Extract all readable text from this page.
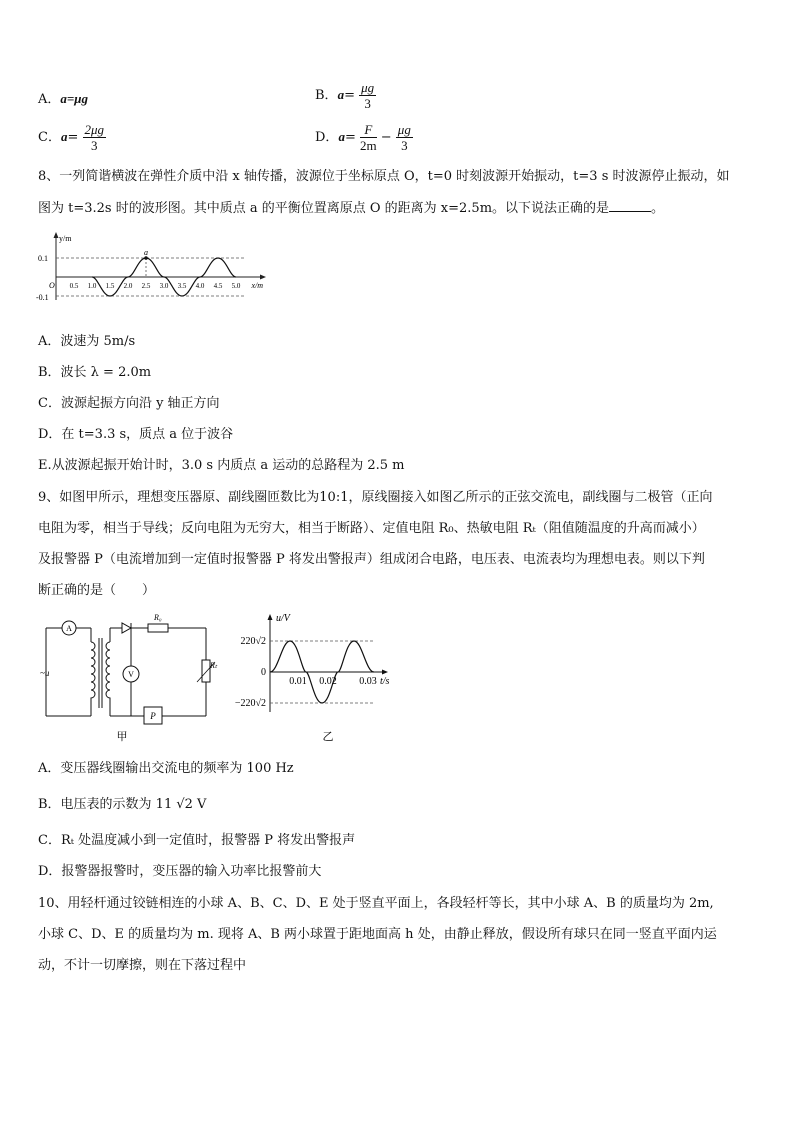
A．a=μg	B．$a= \frac{\mu g}{3}$
C．$a= \frac{2\mu g}{3}$	D．$a= \frac{F}{2m} - \frac{\mu g}{3}$
8、一列简谐横波在弹性介质中沿 x 轴传播，波源位于坐标原点 O，t=0 时刻波源开始振动，t=3 s 时波源停止振动，如
图为 t=3.2s 时的波形图。其中质点 a 的平衡位置离原点 O 的距离为 x=2.5m。以下说法正确的是	。
y/m
x/m
a
0.1
-0.1
O 0.5 1.0 1.5 2.0 2.5 3.0 3.5 4.0 4.5 5.0
A．波速为 5m/s
B．波长 λ = 2.0m
C．波源起振方向沿 y 轴正方向
D．在 t=3.3 s，质点 a 位于波谷
E.从波源起振开始计时，3.0 s 内质点 a 运动的总路程为 2.5 m
9、如图甲所示，理想变压器原、副线圈匝数比为10:1，原线圈接入如图乙所示的正弦交流电，副线圈与二极管（正向
电阻为零，相当于导线；反向电阻为无穷大，相当于断路）、定值电阻 R₀、热敏电阻 Rₜ（阻值随温度的升高而减小）
及报警器 P（电流增加到一定值时报警器 P 将发出警报声）组成闭合电路，电压表、电流表均为理想电表。则以下判
断正确的是（　　）
A
~u
R₀
V
Rₜ
P
甲
u/V
220√2
0
−220√2
0.01 0.02 0.03 t/s
乙
A．变压器线圈输出交流电的频率为 100 Hz
B．电压表的示数为 11 √2 V
C．Rₜ 处温度减小到一定值时，报警器 P 将发出警报声
D．报警器报警时，变压器的输入功率比报警前大
10、用轻杆通过铰链相连的小球 A、B、C、D、E 处于竖直平面上，各段轻杆等长，其中小球 A、B 的质量均为 2m,
小球 C、D、E 的质量均为 m. 现将 A、B 两小球置于距地面高 h 处，由静止释放，假设所有球只在同一竖直平面内运
动，不计一切摩擦，则在下落过程中
